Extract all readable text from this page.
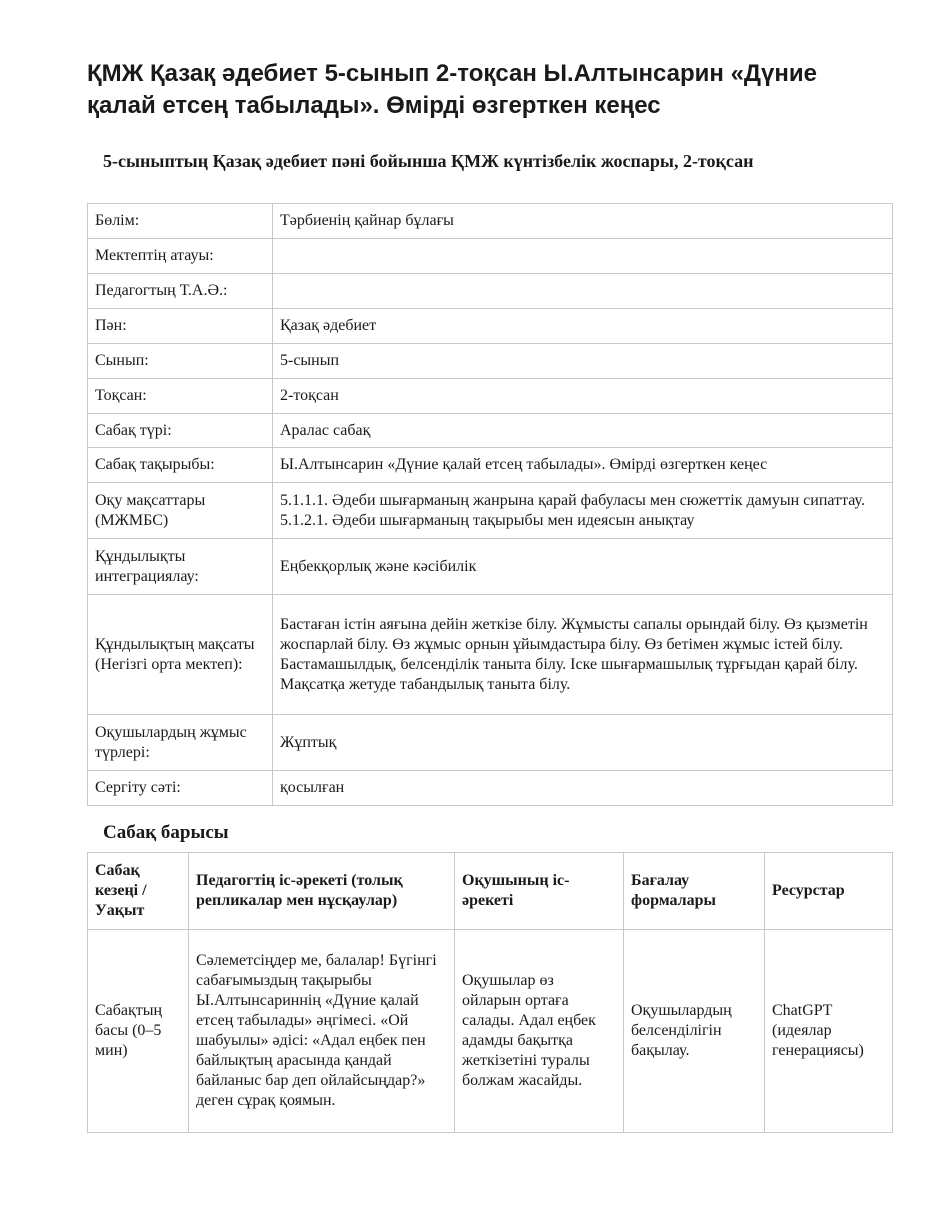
ҚМЖ Қазақ әдебиет 5-сынып 2-тоқсан Ы.Алтынсарин «Дүние қалай етсең табылады». Өмірді өзгерткен кеңес
5-сыныптың Қазақ әдебиет пәні бойынша ҚМЖ күнтізбелік жоспары, 2-тоқсан
Бөлім:	Тәрбиенің қайнар бұлағы
Мектептің атауы:	
Педагогтың Т.А.Ә.:	
Пән:	Қазақ әдебиет
Сынып:	5-сынып
Тоқсан:	2-тоқсан
Сабақ түрі:	Аралас сабақ
Сабақ тақырыбы:	Ы.Алтынсарин «Дүние қалай етсең табылады». Өмірді өзгерткен кеңес
Оқу мақсаттары (МЖМБС)	5.1.1.1. Әдеби шығарманың жанрына қарай фабуласы мен сюжеттік дамуын сипаттау. 5.1.2.1. Әдеби шығарманың тақырыбы мен идеясын анықтау
Құндылықты интеграциялау:	Еңбекқорлық және кәсібилік
Құндылықтың мақсаты (Негізгі орта мектеп):	Бастаған істін аяғына дейін жеткізе білу. Жұмысты сапалы орындай білу. Өз қызметін жоспарлай білу. Өз жұмыс орнын ұйымдастыра білу. Өз бетімен жұмыс істей білу. Бастамашылдық, белсенділік таныта білу. Іске шығармашылық тұрғыдан қарай білу. Мақсатқа жетуде табандылық таныта білу.
Оқушылардың жұмыс түрлері:	Жұптық
Сергіту сәті:	қосылған
Сабақ барысы
Сабақ кезеңі / Уақыт	Педагогтің іс-әрекеті (толық репликалар мен нұсқаулар)	Оқушының іс-әрекеті	Бағалау формалары	Ресурстар
Сабақтың басы (0–5 мин)	Сәлеметсіңдер ме, балалар! Бүгінгі сабағымыздың тақырыбы Ы.Алтынсариннің «Дүние қалай етсең табылады» әңгімесі. «Ой шабуылы» әдісі: «Адал еңбек пен байлықтың арасында қандай байланыс бар деп ойлайсыңдар?» деген сұрақ қоямын.	Оқушылар өз ойларын ортаға салады. Адал еңбек адамды бақытқа жеткізетіні туралы болжам жасайды.	Оқушылардың белсенділігін бақылау.	ChatGPT (идеялар генерациясы)
